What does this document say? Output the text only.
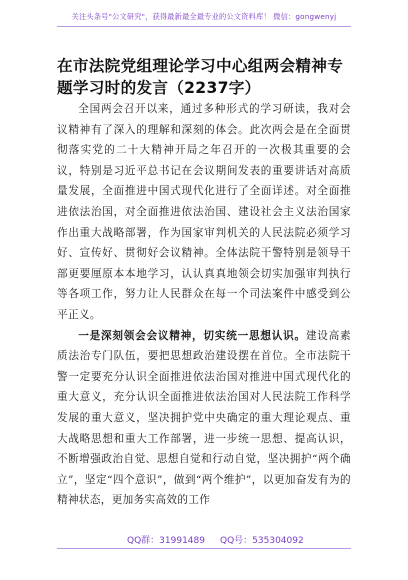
关注头条号"公文研究"，获得最新最全最专业的公文资料库！ 微信：gongwenyj
在市法院党组理论学习中心组两会精神专题学习时的发言（2237字）

全国两会召开以来，通过多种形式的学习研读，我对会议精神有了深入的理解和深刻的体会。此次两会是在全面贯彻落实党的二十大精神开局之年召开的一次极其重要的会议，特别是习近平总书记在会议期间发表的重要讲话对高质量发展，全面推进中国式现代化进行了全面详述。对全面推进依法治国，对全面推进依法治国、建设社会主义法治国家作出重大战略部署，作为国家审判机关的人民法院必须学习好、宣传好、贯彻好会议精神。全体法院干警特别是领导干部更要厘原本本地学习，认认真真地领会切实加强审判执行等各项工作，努力让人民群众在每一个司法案件中感受到公平正义。

一是深刻领会会议精神，切实统一思想认识。建设高素质法治专门队伍，要把思想政治建设摆在首位。全市法院干警一定要充分认识全面推进依法治国对推进中国式现代化的重大意义，充分认识全面推进依法治国对人民法院工作科学发展的重大意义，坚决拥护党中央确定的重大理论观点、重大战略思想和重大工作部署，进一步统一思想、提高认识，不断增强政治自觉、思想自觉和行动自觉，坚决拥护“两个确立”，坚定“四个意识”，做到“两个维护”，以更加奋发有为的精神状态，更加务实高效的工作

QQ群：31991489 QQ号：535304092
